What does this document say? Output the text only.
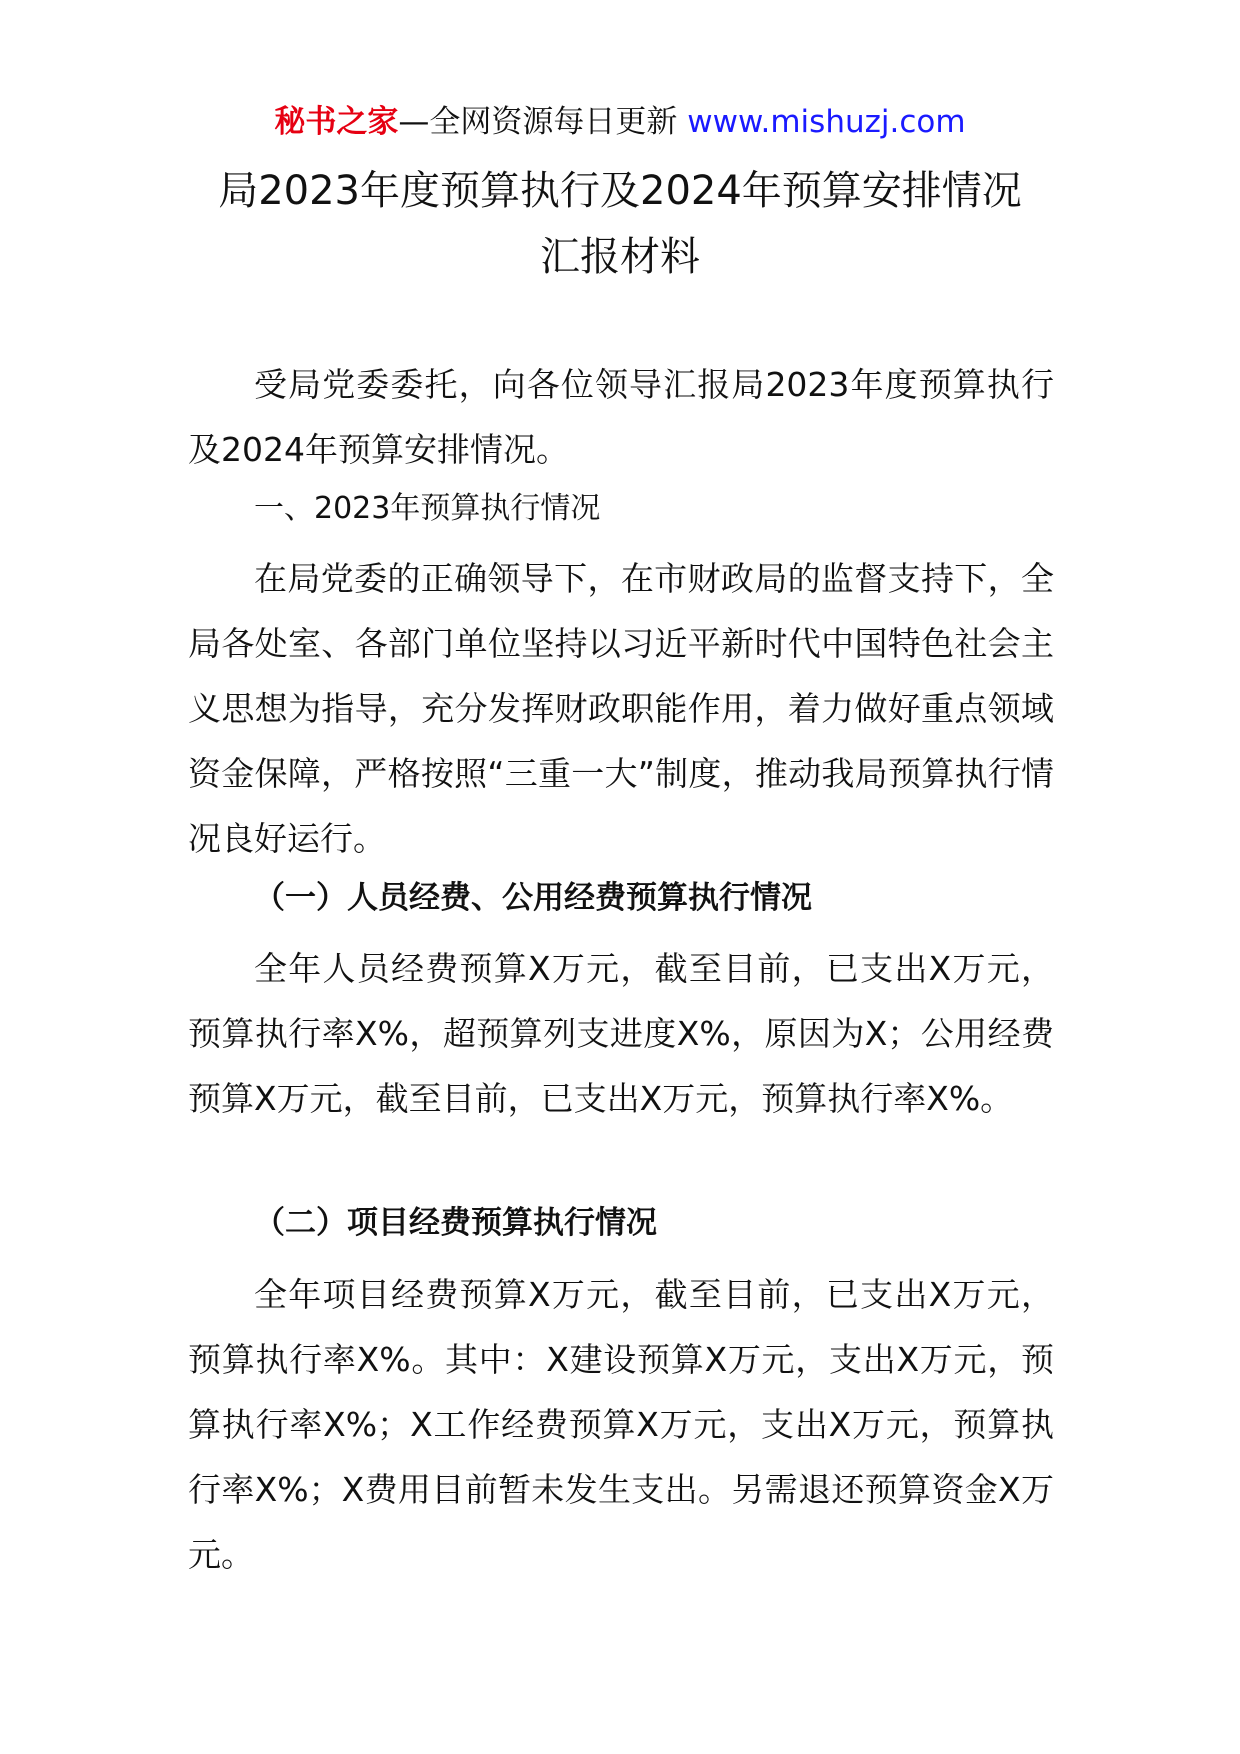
秘书之家—全网资源每日更新 www.mishuzj.com
局2023年度预算执行及2024年预算安排情况
汇报材料

受局党委委托，向各位领导汇报局2023年度预算执行及2024年预算安排情况。

一、2023年预算执行情况

在局党委的正确领导下，在市财政局的监督支持下，全局各处室、各部门单位坚持以习近平新时代中国特色社会主义思想为指导，充分发挥财政职能作用，着力做好重点领域资金保障，严格按照“三重一大”制度，推动我局预算执行情况良好运行。

（一）人员经费、公用经费预算执行情况

全年人员经费预算X万元，截至目前，已支出X万元，预算执行率X%，超预算列支进度X%，原因为X；公用经费预算X万元，截至目前，已支出X万元，预算执行率X%。

（二）项目经费预算执行情况

全年项目经费预算X万元，截至目前，已支出X万元，预算执行率X%。其中：X建设预算X万元，支出X万元，预算执行率X%；X工作经费预算X万元，支出X万元，预算执行率X%；X费用目前暂未发生支出。另需退还预算资金X万元。
